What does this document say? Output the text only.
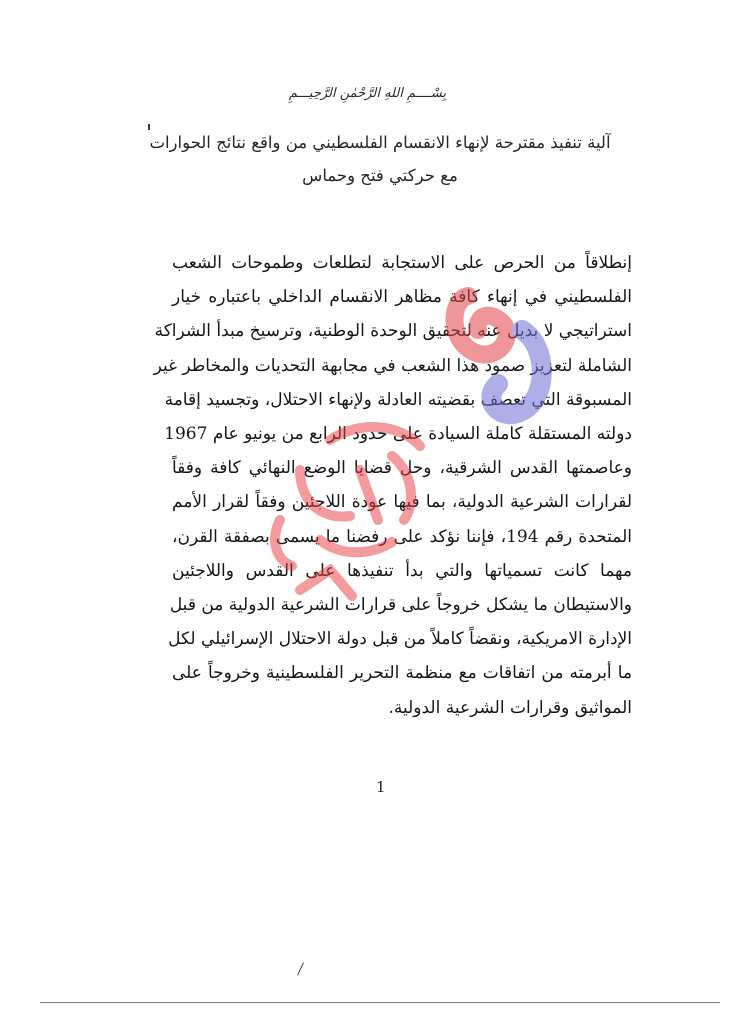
بِسْــــمِ اللهِ الرَّحْمٰنِ الرَّحِيـــمِ
آلية تنفيذ مقترحة لإنهاء الانقسام الفلسطيني من واقع نتائج الحوارات
مع حركتي فتح وحماس
إنطلاقاً من الحرص على الاستجابة لتطلعات وطموحات الشعب
الفلسطيني في إنهاء كافة مظاهر الانقسام الداخلي باعتباره خيار
استراتيجي لا بديل عنه لتحقيق الوحدة الوطنية، وترسيخ مبدأ الشراكة
الشاملة لتعزيز صمود هذا الشعب في مجابهة التحديات والمخاطر غير
المسبوقة التي تعصف بقضيته العادلة ولإنهاء الاحتلال، وتجسيد إقامة
دولته المستقلة كاملة السيادة على حدود الرابع من يونيو عام 1967
وعاصمتها القدس الشرقية، وحل قضايا الوضع النهائي كافة وفقاً
لقرارات الشرعية الدولية، بما فيها عودة اللاجئين وفقاً لقرار الأمم
المتحدة رقم 194، فإننا نؤكد على رفضنا ما يسمى بصفقة القرن،
مهما كانت تسمياتها والتي بدأ تنفيذها على القدس واللاجئين
والاستيطان ما يشكل خروجاً على قرارات الشرعية الدولية من قبل
الإدارة الامريكية، ونقضاً كاملاً من قبل دولة الاحتلال الإسرائيلي لكل
ما أبرمته من اتفاقات مع منظمة التحرير الفلسطينية وخروجاً على
المواثيق وقرارات الشرعية الدولية.
1
